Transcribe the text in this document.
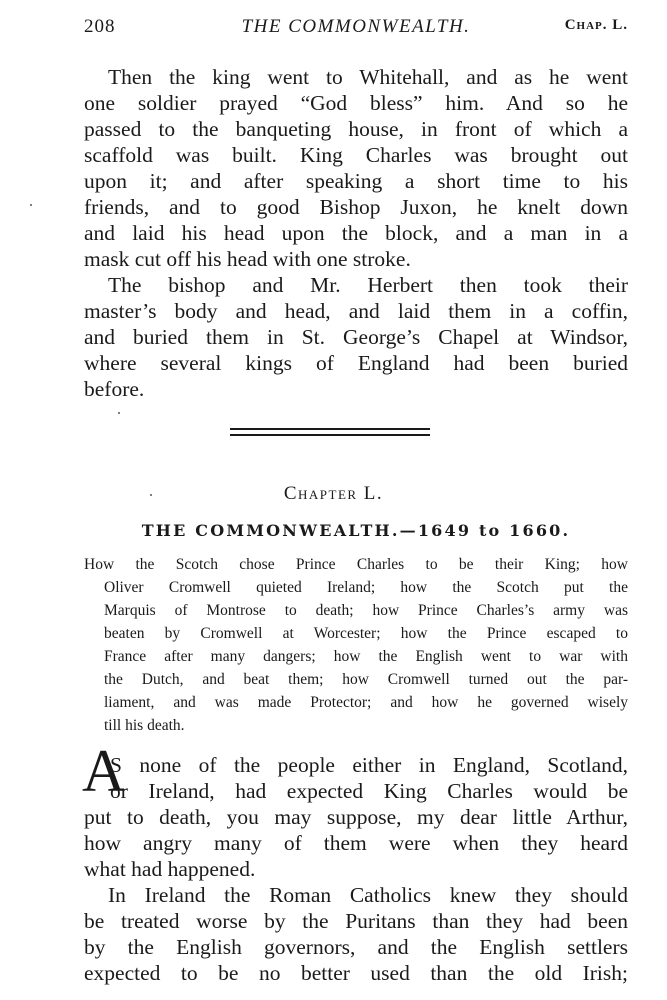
208	THE COMMONWEALTH.	Chap. L.
Then the king went to Whitehall, and as he went
one soldier prayed “God bless” him. And so he
passed to the banqueting house, in front of which a
scaffold was built. King Charles was brought out
upon it; and after speaking a short time to his
friends, and to good Bishop Juxon, he knelt down
and laid his head upon the block, and a man in a
mask cut off his head with one stroke.
The bishop and Mr. Herbert then took their
master’s body and head, and laid them in a coffin,
and buried them in St. George’s Chapel at Windsor,
where several kings of England had been buried
before.
Chapter L.
THE COMMONWEALTH.—1649 to 1660.
How the Scotch chose Prince Charles to be their King; how
Oliver Cromwell quieted Ireland; how the Scotch put the
Marquis of Montrose to death; how Prince Charles’s army was
beaten by Cromwell at Worcester; how the Prince escaped to
France after many dangers; how the English went to war with
the Dutch, and beat them; how Cromwell turned out the par-
liament, and was made Protector; and how he governed wisely
till his death.
A
S none of the people either in England, Scotland,
or Ireland, had expected King Charles would be
put to death, you may suppose, my dear little Arthur,
how angry many of them were when they heard
what had happened.
In Ireland the Roman Catholics knew they should
be treated worse by the Puritans than they had been
by the English governors, and the English settlers
expected to be no better used than the old Irish;
